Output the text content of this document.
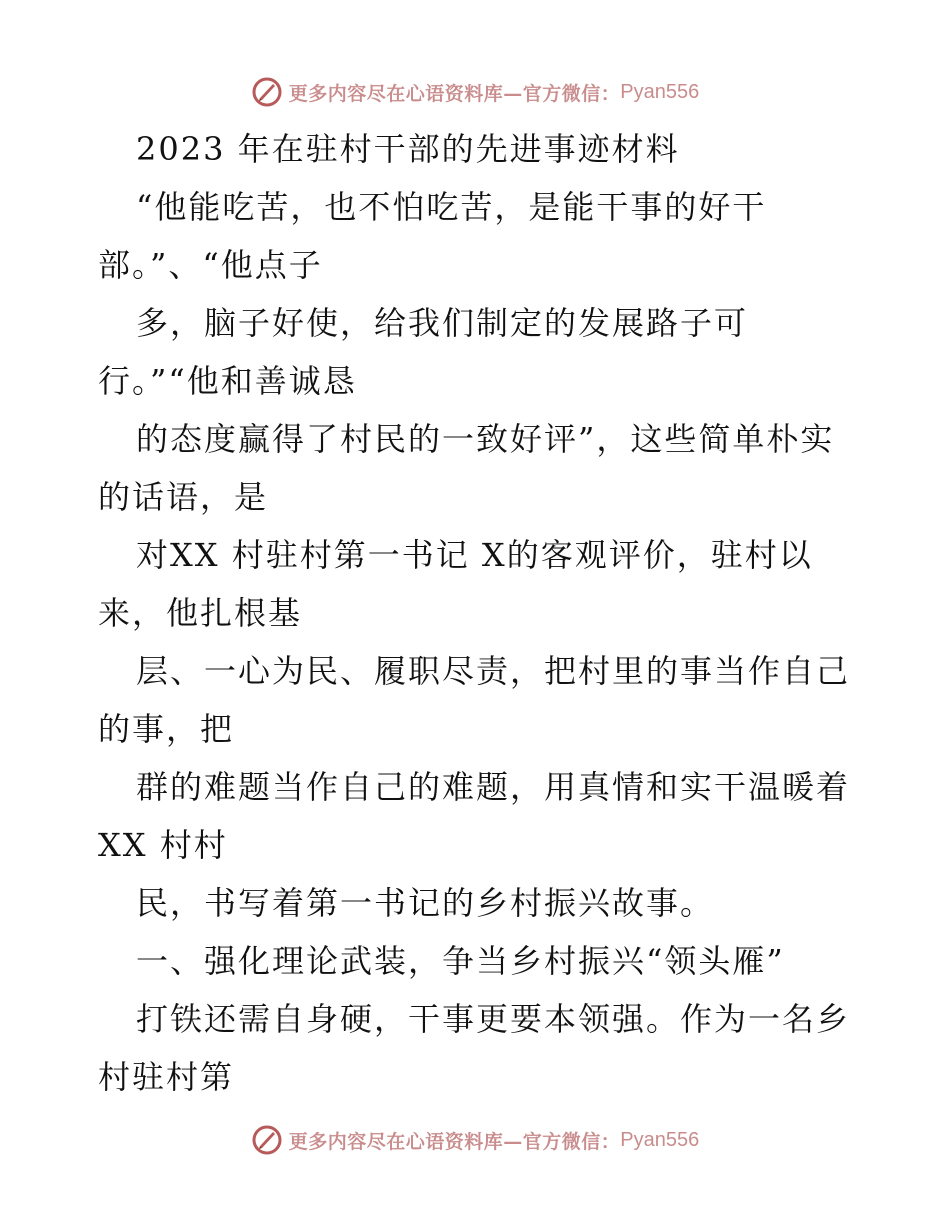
更多内容尽在心语资料库—官方微信： Pyan556
2023 年在驻村干部的先进事迹材料
“他能吃苦，也不怕吃苦，是能干事的好干
部。”、“他点子
多，脑子好使，给我们制定的发展路子可
行。”“他和善诚恳
的态度赢得了村民的一致好评”，这些简单朴实
的话语，是
对XX 村驻村第一书记 X的客观评价，驻村以
来，他扎根基
层、一心为民、履职尽责，把村里的事当作自己
的事，把
群的难题当作自己的难题，用真情和实干温暖着
XX 村村
民，书写着第一书记的乡村振兴故事。
一、强化理论武装，争当乡村振兴“领头雁”
打铁还需自身硬，干事更要本领强。作为一名乡
村驻村第
更多内容尽在心语资料库—官方微信： Pyan556
